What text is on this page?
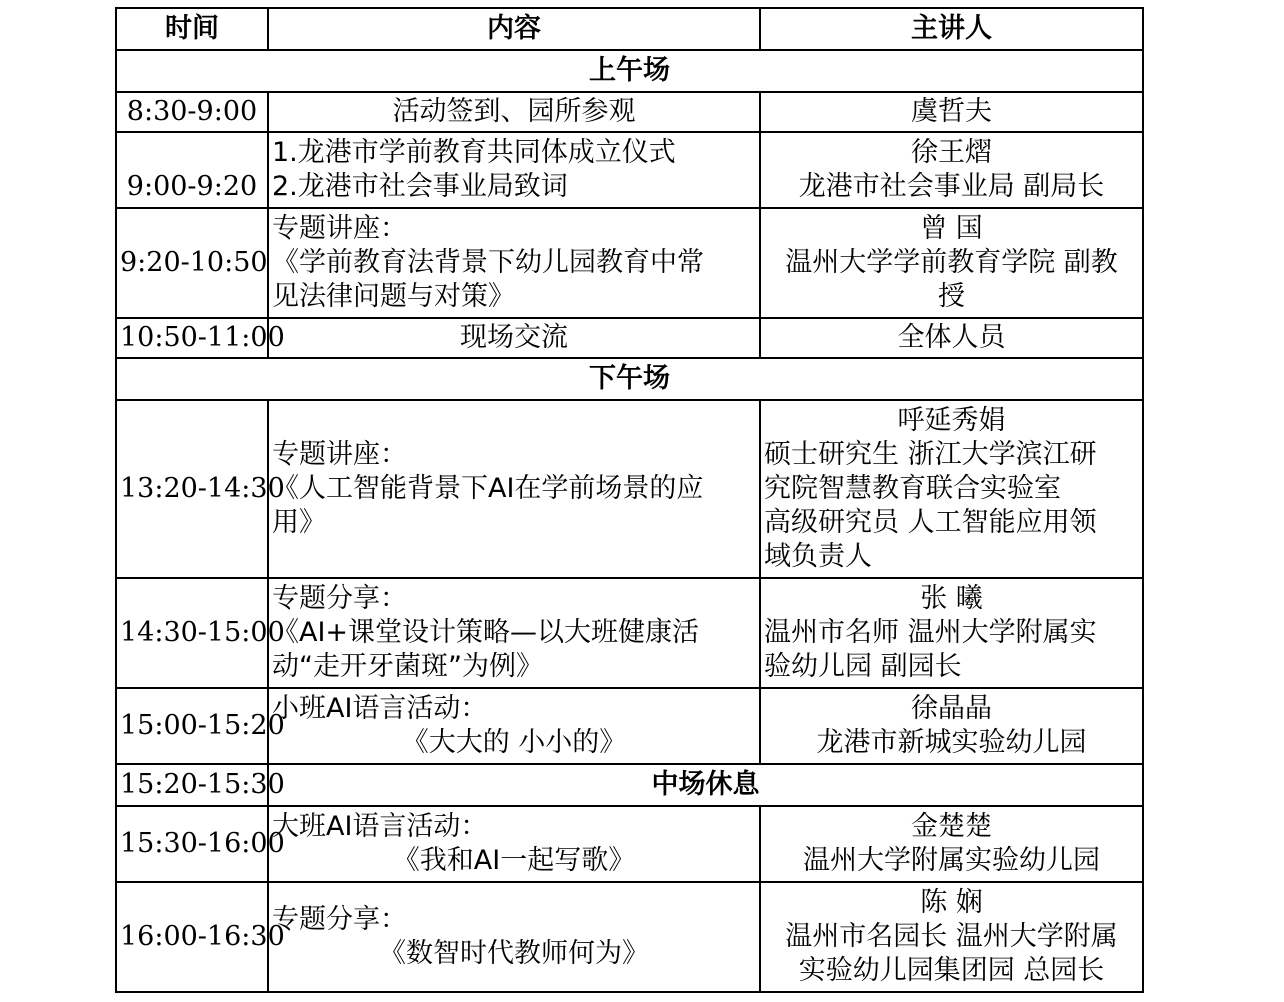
时间	内容	主讲人
上午场		
8:30-9:00	活动签到、园所参观	虞哲夫

9:00-9:20	1.龙港市学前教育共同体成立仪式
2.龙港市社会事业局致词	徐王熠
龙港市社会事业局 副局长

9:20-10:50	专题讲座：
《学前教育法背景下幼儿园教育中常
见法律问题与对策》	曾 国
温州大学学前教育学院 副教
授

10:50-11:00	现场交流	全体人员

下午场		
13:20-14:30	专题讲座：
《人工智能背景下AI在学前场景的应
用》	呼延秀娟
硕士研究生 浙江大学滨江研
究院智慧教育联合实验室
高级研究员 人工智能应用领
域负责人

14:30-15:00	专题分享：
《AI+课堂设计策略—以大班健康活
动“走开牙菌斑”为例》	张 曦
温州市名师 温州大学附属实
验幼儿园 副园长

15:00-15:20	小班AI语言活动：
《大大的 小小的》	徐晶晶
龙港市新城实验幼儿园

15:20-15:30	中场休息	
15:30-16:00	大班AI语言活动：
《我和AI一起写歌》	金楚楚
温州大学附属实验幼儿园

16:00-16:30	专题分享：
《数智时代教师何为》	陈 娴
温州市名园长 温州大学附属
实验幼儿园集团园 总园长
